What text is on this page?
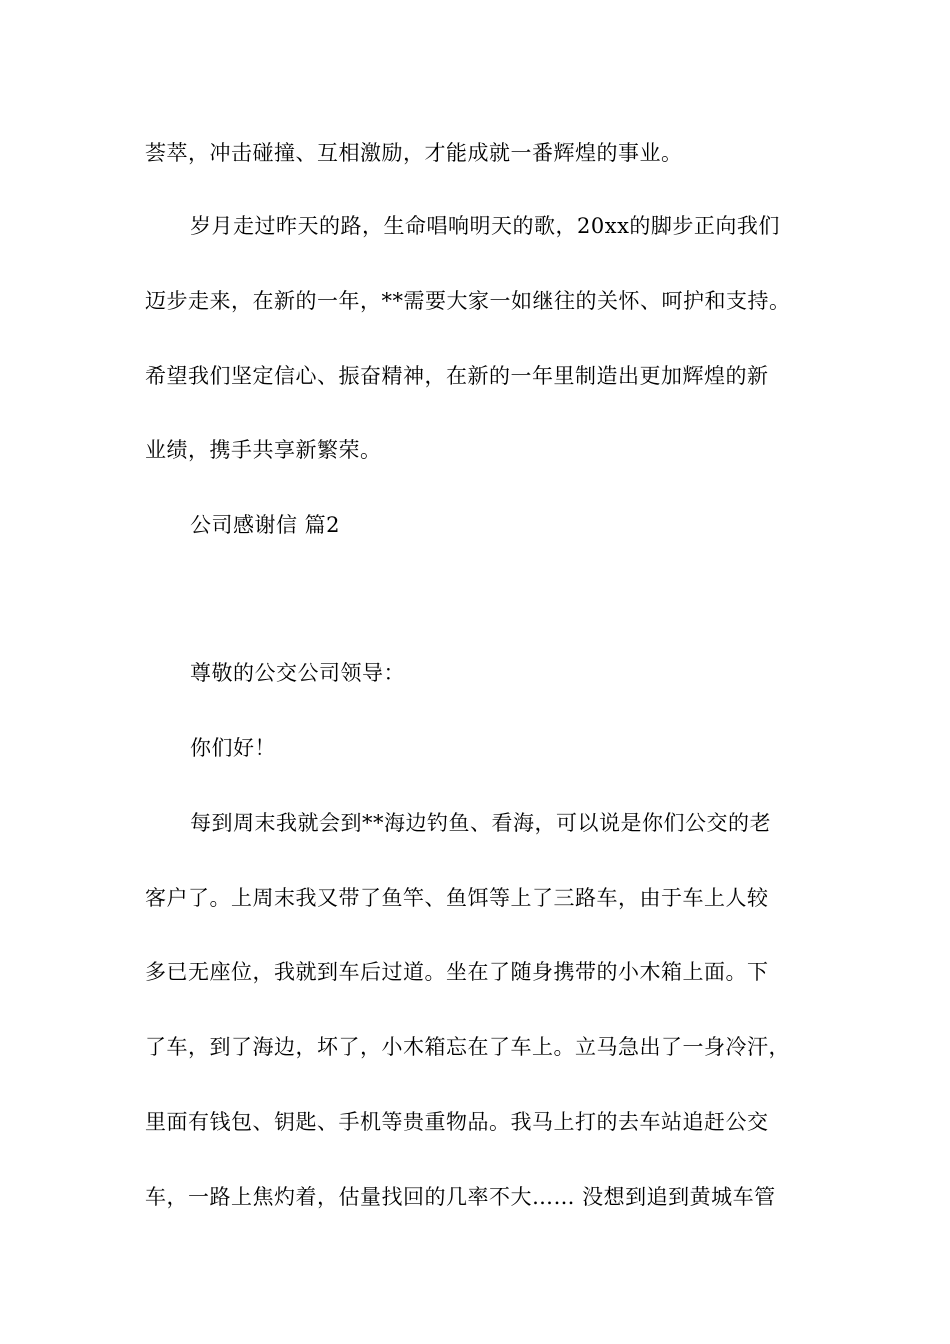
荟萃，冲击碰撞、互相激励，才能成就一番辉煌的事业。
岁月走过昨天的路，生命唱响明天的歌，20xx的脚步正向我们
迈步走来，在新的一年，**需要大家一如继往的关怀、呵护和支持。
希望我们坚定信心、振奋精神，在新的一年里制造出更加辉煌的新
业绩，携手共享新繁荣。
公司感谢信 篇2
尊敬的公交公司领导：
你们好！
每到周末我就会到**海边钓鱼、看海，可以说是你们公交的老
客户了。上周末我又带了鱼竿、鱼饵等上了三路车，由于车上人较
多已无座位，我就到车后过道。坐在了随身携带的小木箱上面。下
了车，到了海边，坏了，小木箱忘在了车上。立马急出了一身冷汗，
里面有钱包、钥匙、手机等贵重物品。我马上打的去车站追赶公交
车，一路上焦灼着，估量找回的几率不大…… 没想到追到黄城车管
